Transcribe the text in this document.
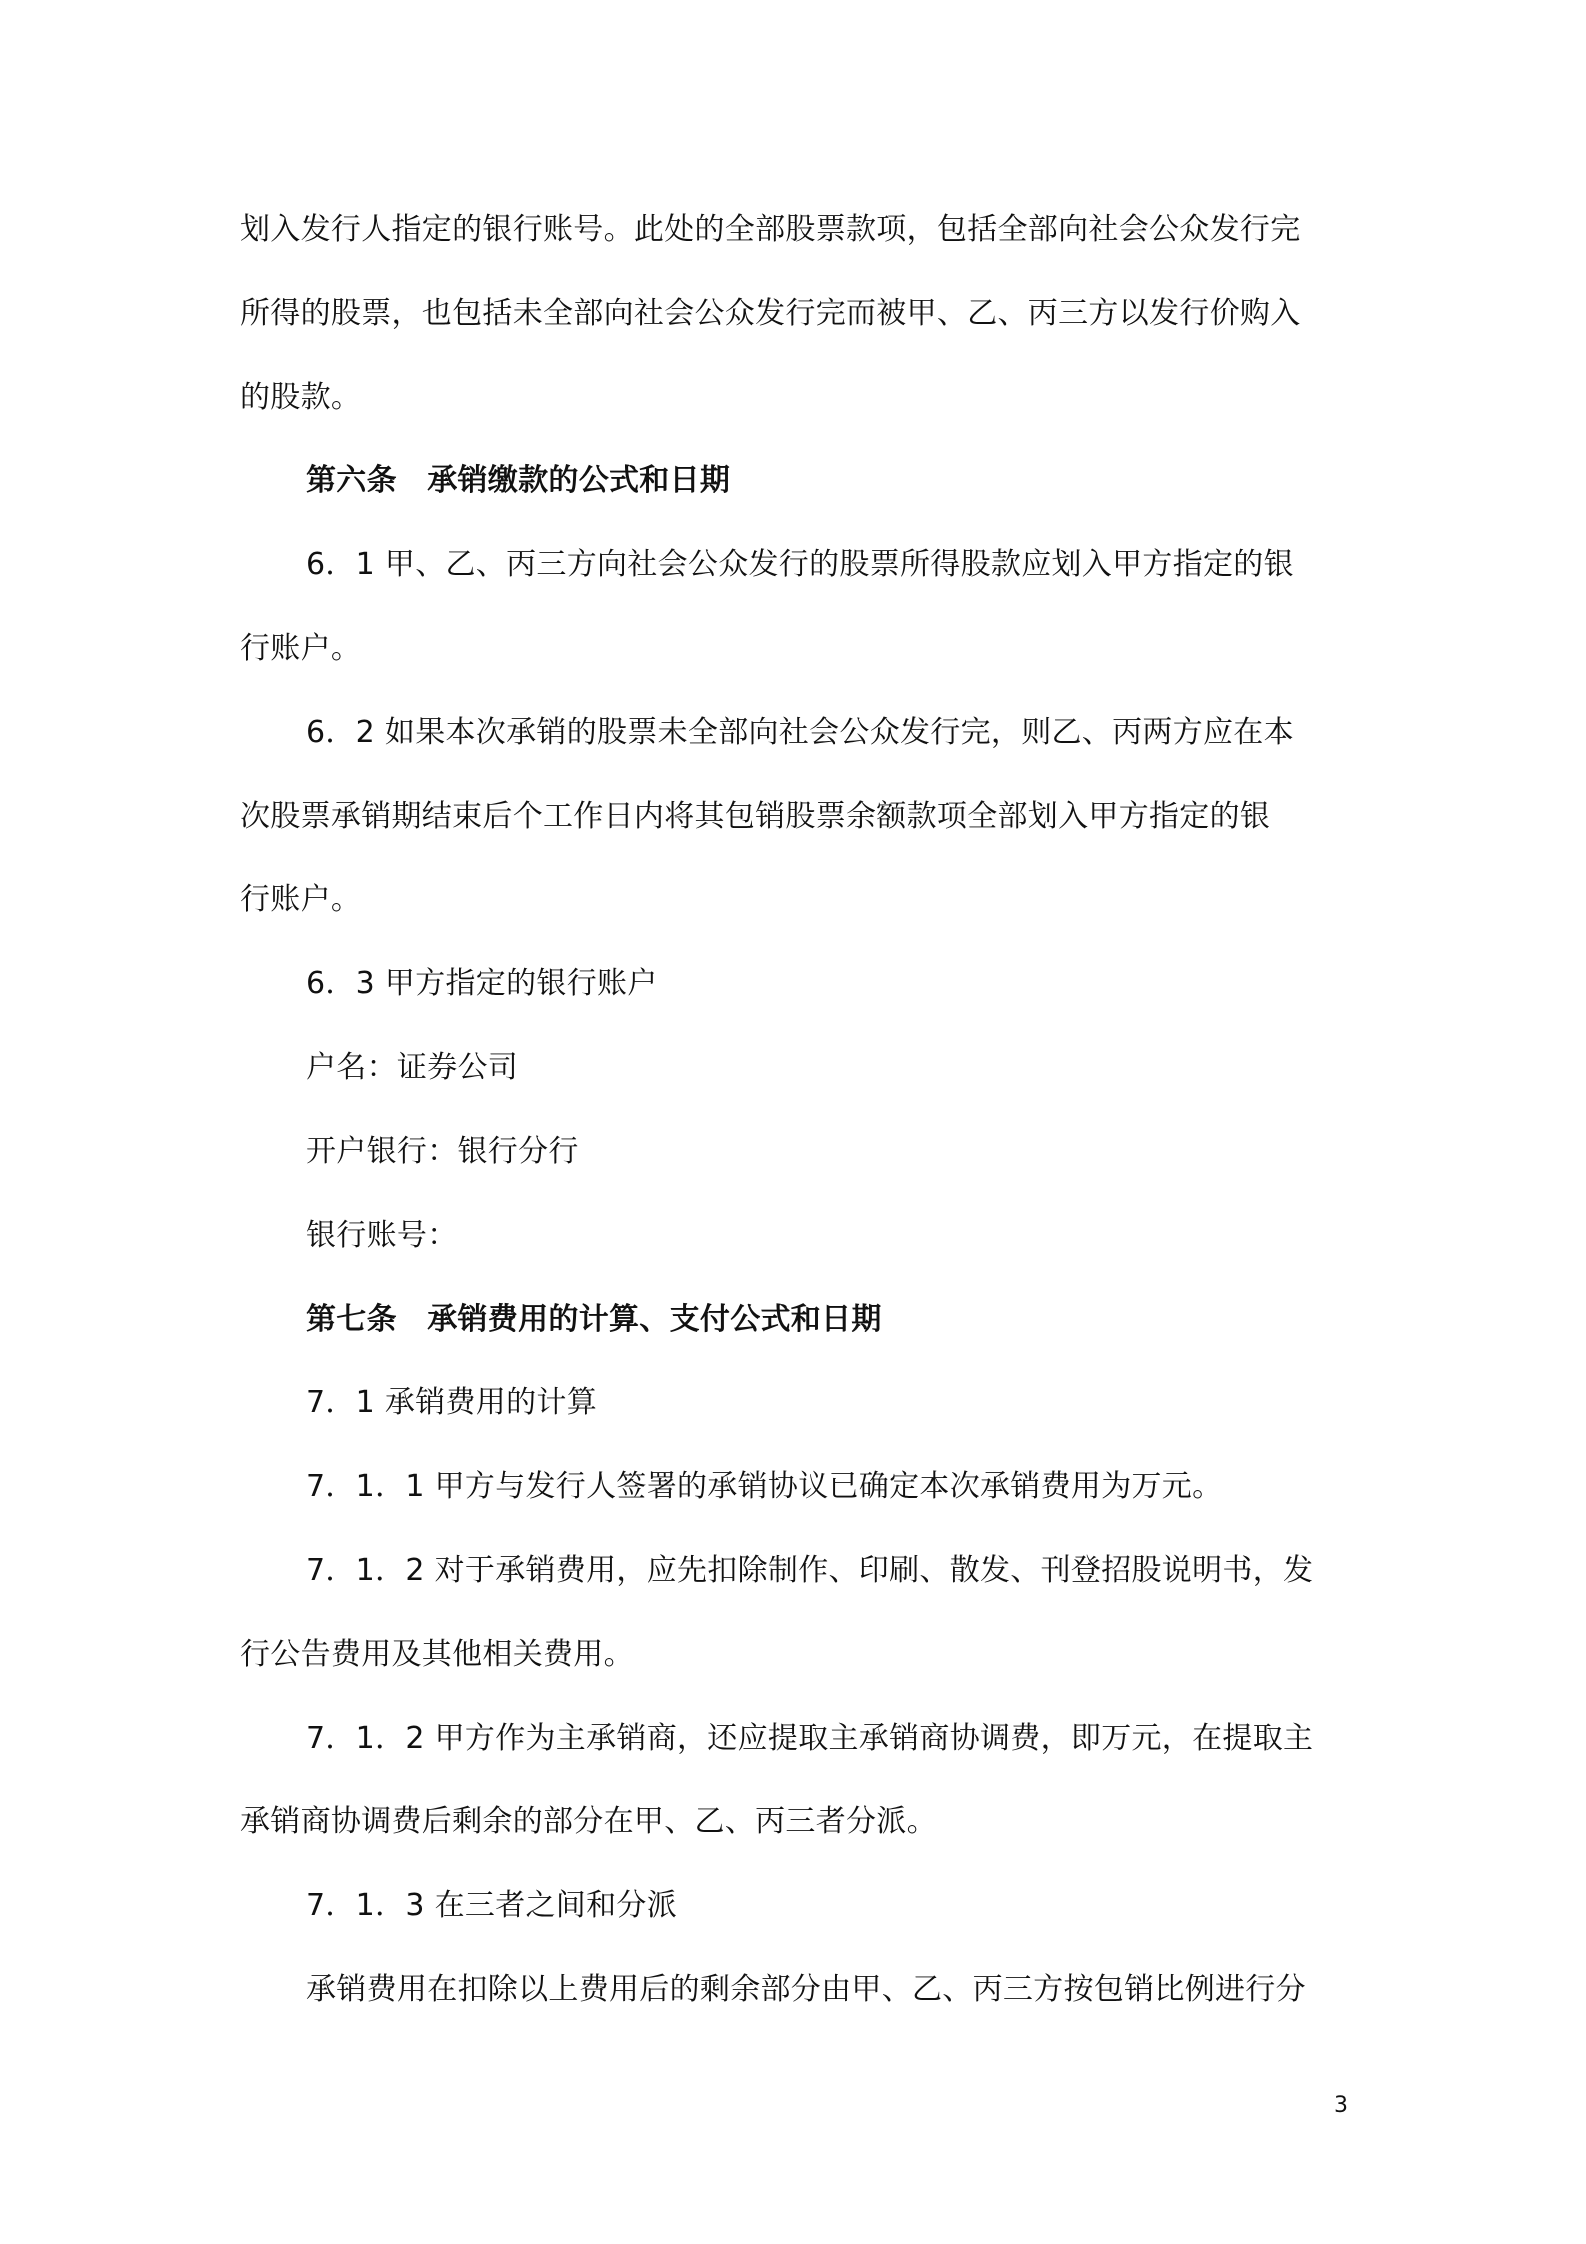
划入发行人指定的银行账号。此处的全部股票款项，包括全部向社会公众发行完
所得的股票，也包括未全部向社会公众发行完而被甲、乙、丙三方以发行价购入
的股款。
第六条　承销缴款的公式和日期
6．1 甲、乙、丙三方向社会公众发行的股票所得股款应划入甲方指定的银
行账户。
6．2 如果本次承销的股票未全部向社会公众发行完，则乙、丙两方应在本
次股票承销期结束后个工作日内将其包销股票余额款项全部划入甲方指定的银
行账户。
6．3 甲方指定的银行账户
户名：证券公司
开户银行：银行分行
银行账号：
第七条　承销费用的计算、支付公式和日期
7．1 承销费用的计算
7．1．1 甲方与发行人签署的承销协议已确定本次承销费用为万元。
7．1．2 对于承销费用，应先扣除制作、印刷、散发、刊登招股说明书，发
行公告费用及其他相关费用。
7．1．2 甲方作为主承销商，还应提取主承销商协调费，即万元，在提取主
承销商协调费后剩余的部分在甲、乙、丙三者分派。
7．1．3 在三者之间和分派
承销费用在扣除以上费用后的剩余部分由甲、乙、丙三方按包销比例进行分
3
